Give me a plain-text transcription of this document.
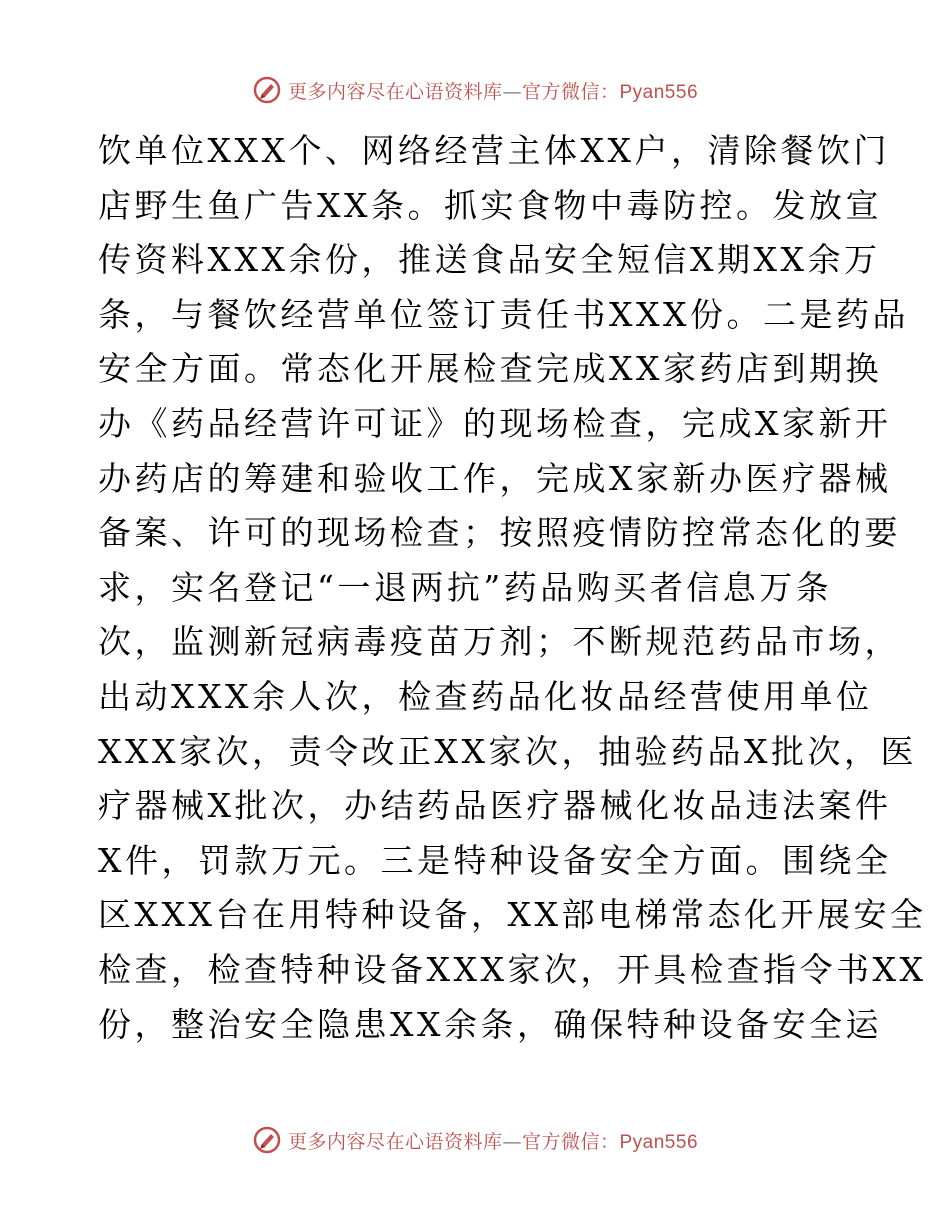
更多内容尽在心语资料库—官方微信：Pyan556
饮单位XXX个、网络经营主体XX户，清除餐饮门
店野生鱼广告XX条。抓实食物中毒防控。发放宣
传资料XXX余份，推送食品安全短信X期XX余万
条，与餐饮经营单位签订责任书XXX份。二是药品
安全方面。常态化开展检查完成XX家药店到期换
办《药品经营许可证》的现场检查，完成X家新开
办药店的筹建和验收工作，完成X家新办医疗器械
备案、许可的现场检查；按照疫情防控常态化的要
求，实名登记“一退两抗”药品购买者信息万条
次，监测新冠病毒疫苗万剂；不断规范药品市场，
出动XXX余人次，检查药品化妆品经营使用单位
XXX家次，责令改正XX家次，抽验药品X批次，医
疗器械X批次，办结药品医疗器械化妆品违法案件
X件，罚款万元。三是特种设备安全方面。围绕全
区XXX台在用特种设备，XX部电梯常态化开展安全
检查，检查特种设备XXX家次，开具检查指令书XX
份，整治安全隐患XX余条，确保特种设备安全运
更多内容尽在心语资料库—官方微信：Pyan556
